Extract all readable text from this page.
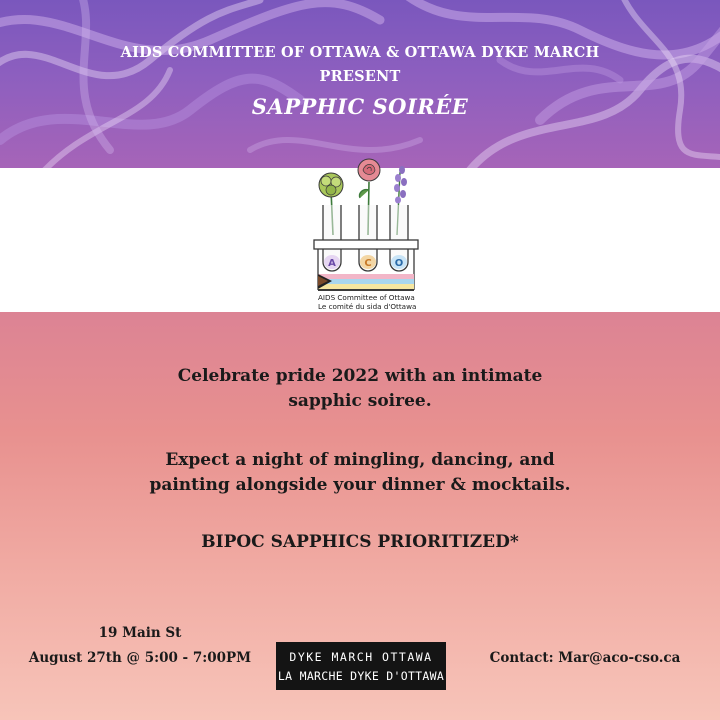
AIDS COMMITTEE OF OTTAWA & OTTAWA DYKE MARCH

PRESENT

SAPPHIC SOIRÉE

A	C O
AIDS Committee of Ottawa
Le comité du sida d'Ottawa

Celebrate pride 2022 with an intimate
sapphic soiree.

Expect a night of mingling, dancing, and
painting alongside your dinner & mocktails.

BIPOC SAPPHICS PRIORITIZED*

19 Main St

August 27th @ 5:00 - 7:00PM	DYKE MARCH OTTAWA
LA MARCHE DYKE D'OTTAWA

Contact: Mar@aco-cso.ca
